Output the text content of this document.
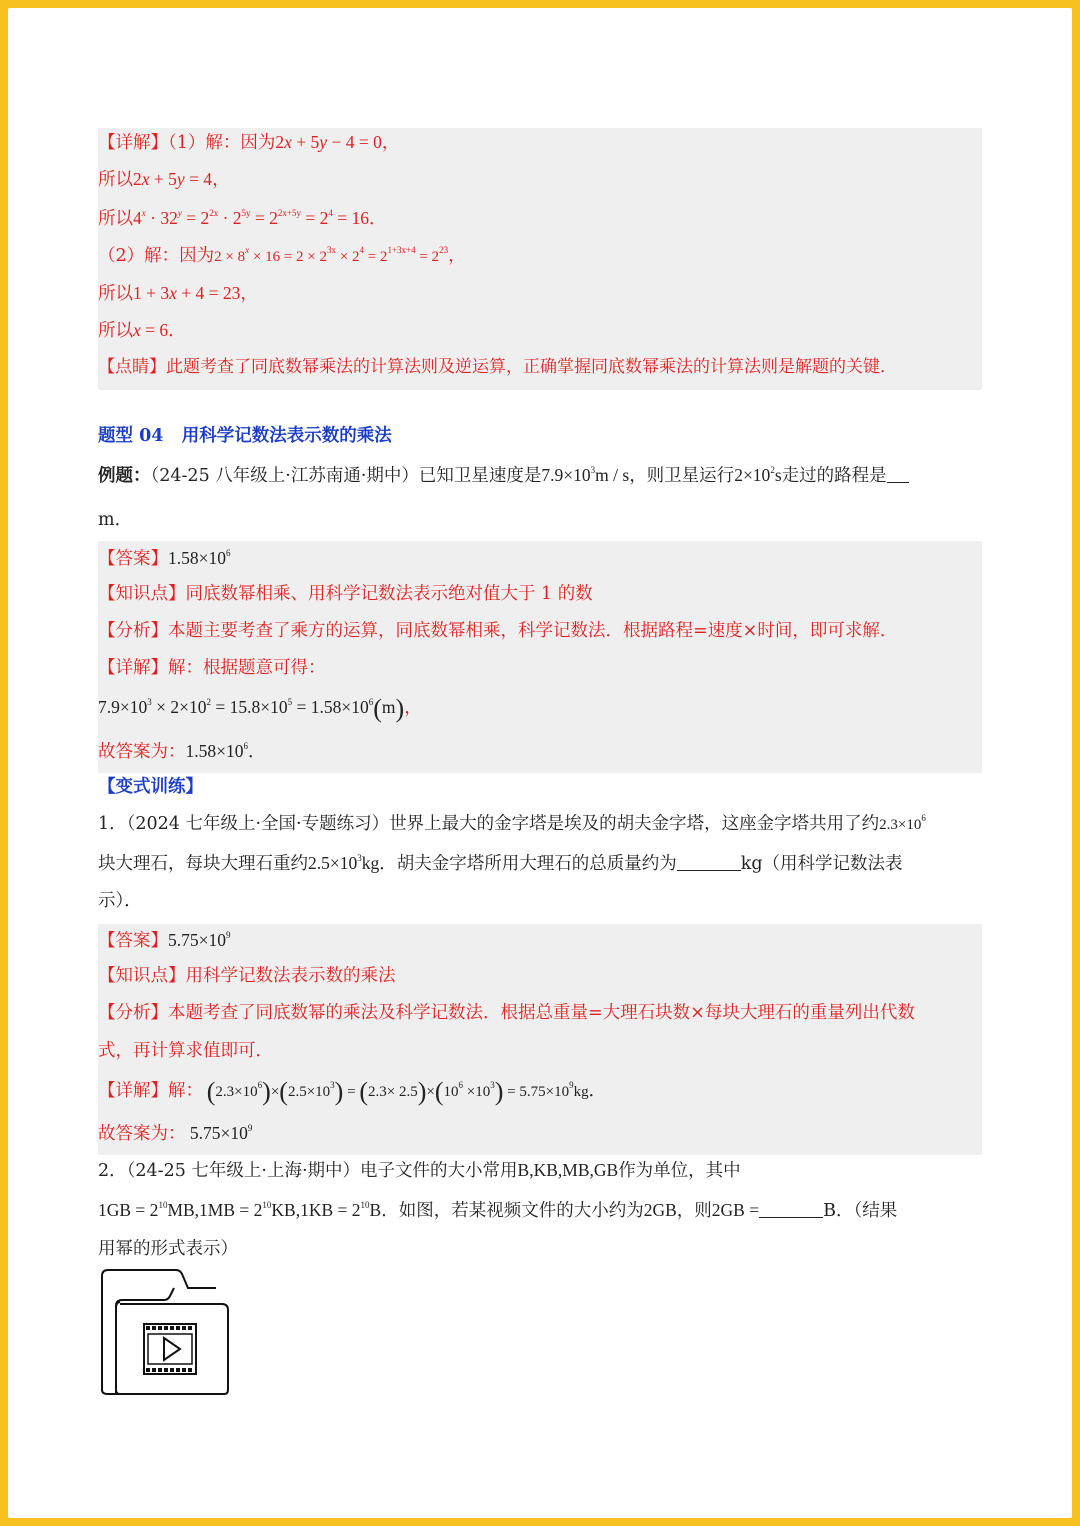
【详解】（1）解：因为2x + 5y − 4 = 0，
所以2x + 5y = 4，
所以$4^x \cdot 32^y = 2^{2x} \cdot 2^{5y} = 2^{2x+5y} = 2^4 = 16$．
（2）解：因为$2 \times 8^x \times 16 = 2 \times 2^{3x} \times 2^4 = 2^{1+3x+4} = 2^{23}$，
所以1 + 3x + 4 = 23，
所以x = 6．
【点睛】此题考查了同底数幂乘法的计算法则及逆运算，正确掌握同底数幂乘法的计算法则是解题的关键．
题型 04 用科学记数法表示数的乘法
例题：（24-25 八年级上·江苏南通·期中）已知卫星速度是$7.9\times 10^3m / s$，则卫星运行$2\times 10^2s$走过的路程是
m．
【答案】$1.58\times 10^6$
【知识点】同底数幂相乘、用科学记数法表示绝对值大于 1 的数
【分析】本题主要考查了乘方的运算，同底数幂相乘，科学记数法．根据路程=速度×时间，即可求解．
【详解】解：根据题意可得：
$7.9\times 10^3 \times 2\times 10^2 = 15.8\times 10^5 = 1.58\times 10^6(m)$，
故答案为：$1.58\times 10^6$．
【变式训练】
1．（2024 七年级上·全国·专题练习）世界上最大的金字塔是埃及的胡夫金字塔，这座金字塔共用了约$2.3\times 10^6$
块大理石，每块大理石重约$2.5\times 10^3kg$．胡夫金字塔所用大理石的总质量约为	kg（用科学记数法表
示）．
【答案】$5.75\times 10^9$
【知识点】用科学记数法表示数的乘法
【分析】本题考查了同底数幂的乘法及科学记数法．根据总重量=大理石块数×每块大理石的重量列出代数
式，再计算求值即可．
【详解】解： $(2.3\times 10^6)\times(2.5\times 10^3) = (2.3\times 2.5)\times(10^6 \times 10^3) = 5.75\times 10^9kg$．
故答案为： $5.75\times 10^9$
2．（24-25 七年级上·上海·期中）电子文件的大小常用B,KB,MB,GB作为单位，其中
$1GB = 2^{10}MB,1MB = 2^{10}KB,1KB = 2^{10}B$．如图，若某视频文件的大小约为2GB，则2GB =	B．（结果
用幂的形式表示）
